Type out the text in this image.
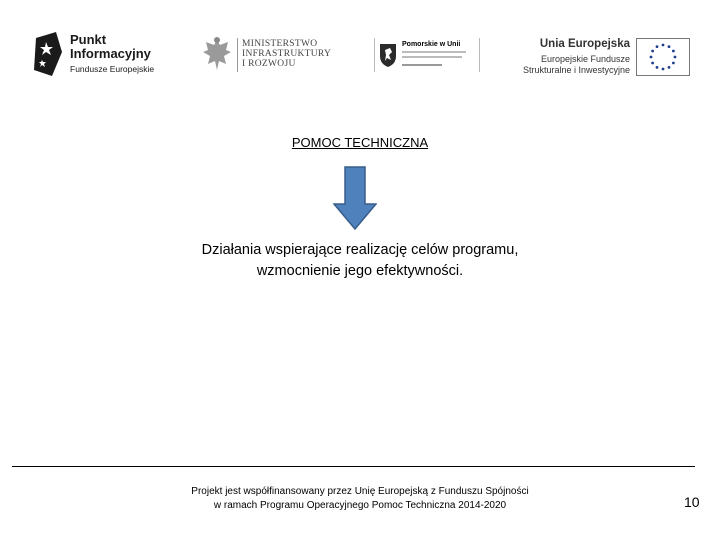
Punkt
Informacyjny
Fundusze Europejskie
MINISTERSTWO
INFRASTRUKTURY
I ROZWOJU
Pomorskie w Unii	Unia Europejska
Europejskie Fundusze
Strukturalne i Inwestycyjne
POMOC TECHNICZNA
Działania wspierające realizację celów programu,
wzmocnienie jego efektywności.
Projekt jest współfinansowany przez Unię Europejską z Funduszu Spójności
w ramach Programu Operacyjnego Pomoc Techniczna 2014-2020	10
